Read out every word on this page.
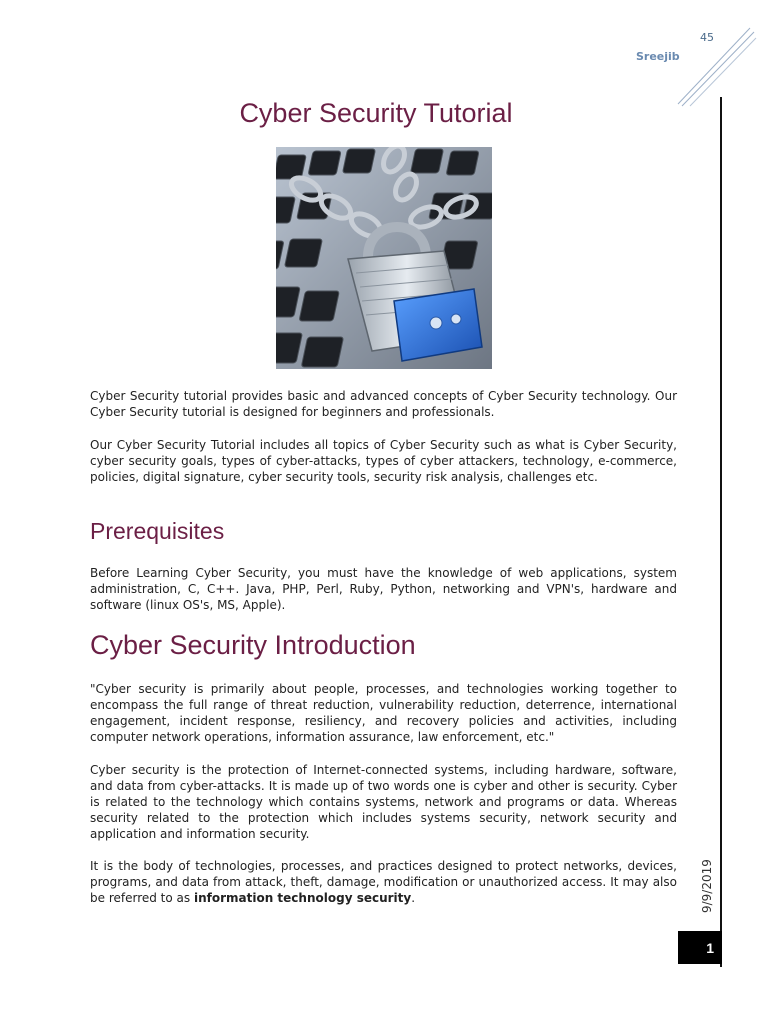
45
Sreejib
Cyber Security Tutorial

Cyber Security tutorial provides basic and advanced concepts of Cyber Security technology. Our Cyber Security tutorial is designed for beginners and professionals.

Our Cyber Security Tutorial includes all topics of Cyber Security such as what is Cyber Security, cyber security goals, types of cyber-attacks, types of cyber attackers, technology, e-commerce, policies, digital signature, cyber security tools, security risk analysis, challenges etc.

Prerequisites

Before Learning Cyber Security, you must have the knowledge of web applications, system administration, C, C++. Java, PHP, Perl, Ruby, Python, networking and VPN's, hardware and software (linux OS's, MS, Apple).

Cyber Security Introduction

"Cyber security is primarily about people, processes, and technologies working together to encompass the full range of threat reduction, vulnerability reduction, deterrence, international engagement, incident response, resiliency, and recovery policies and activities, including computer network operations, information assurance, law enforcement, etc."

Cyber security is the protection of Internet-connected systems, including hardware, software, and data from cyber-attacks. It is made up of two words one is cyber and other is security. Cyber is related to the technology which contains systems, network and programs or data. Whereas security related to the protection which includes systems security, network security and application and information security.

It is the body of technologies, processes, and practices designed to protect networks, devices, programs, and data from attack, theft, damage, modification or unauthorized access. It may also be referred to as information technology security.	9/9/2019
1
